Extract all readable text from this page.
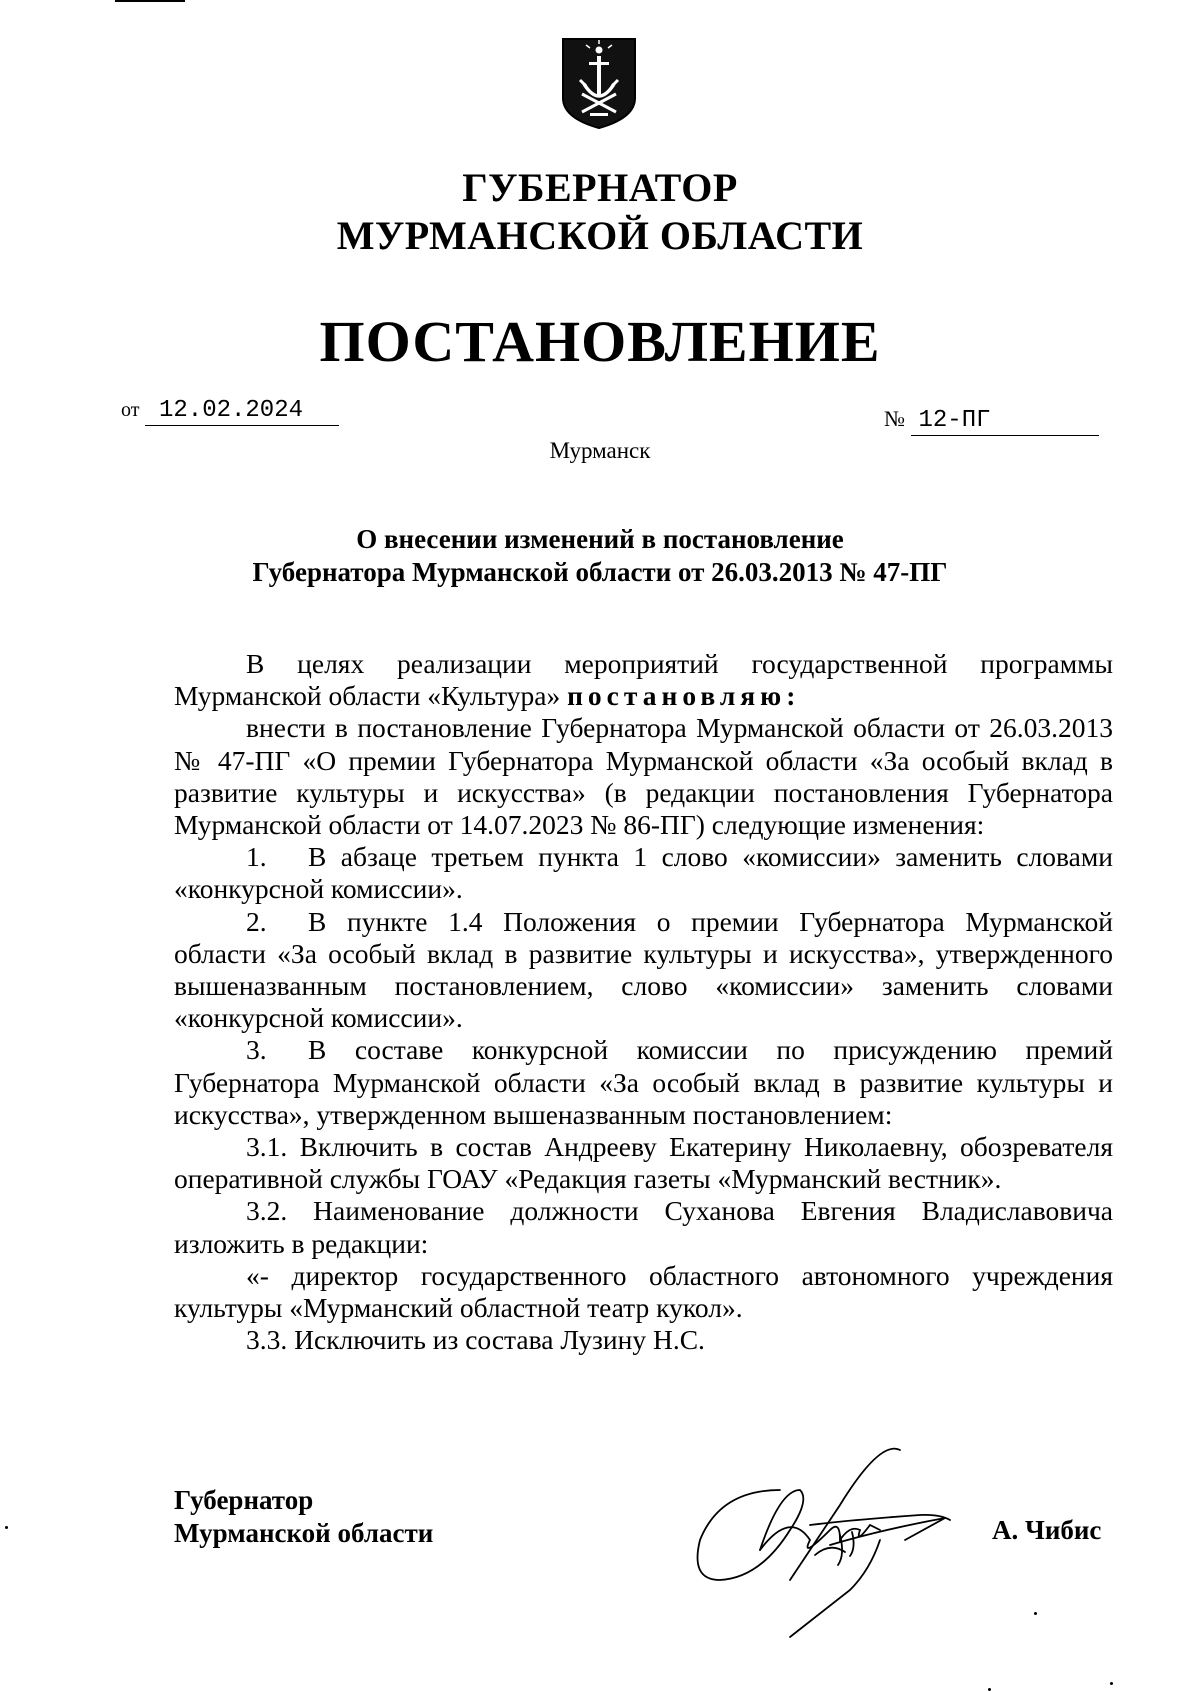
ГУБЕРНАТОР
МУРМАНСКОЙ ОБЛАСТИ
ПОСТАНОВЛЕНИЕ
от 12.02.2024	№ 12-ПГ
Мурманск
О внесении изменений в постановление
Губернатора Мурманской области от 26.03.2013 № 47-ПГ

В целях реализации мероприятий государственной программы Мурманской области «Культура» постановляю:

внести в постановление Губернатора Мурманской области от 26.03.2013 № 47-ПГ «О премии Губернатора Мурманской области «За особый вклад в развитие культуры и искусства» (в редакции постановления Губернатора Мурманской области от 14.07.2023 № 86-ПГ) следующие изменения:

1. В абзаце третьем пункта 1 слово «комиссии» заменить словами «конкурсной комиссии».

2. В пункте 1.4 Положения о премии Губернатора Мурманской области «За особый вклад в развитие культуры и искусства», утвержденного вышеназванным постановлением, слово «комиссии» заменить словами «конкурсной комиссии».

3. В составе конкурсной комиссии по присуждению премий Губернатора Мурманской области «За особый вклад в развитие культуры и искусства», утвержденном вышеназванным постановлением:

3.1. Включить в состав Андрееву Екатерину Николаевну, обозревателя оперативной службы ГОАУ «Редакция газеты «Мурманский вестник».

3.2. Наименование должности Суханова Евгения Владиславовича изложить в редакции:

«- директор государственного областного автономного учреждения культуры «Мурманский областной театр кукол».

3.3. Исключить из состава Лузину Н.С.

Губернатор
Мурманской области	А. Чибис
